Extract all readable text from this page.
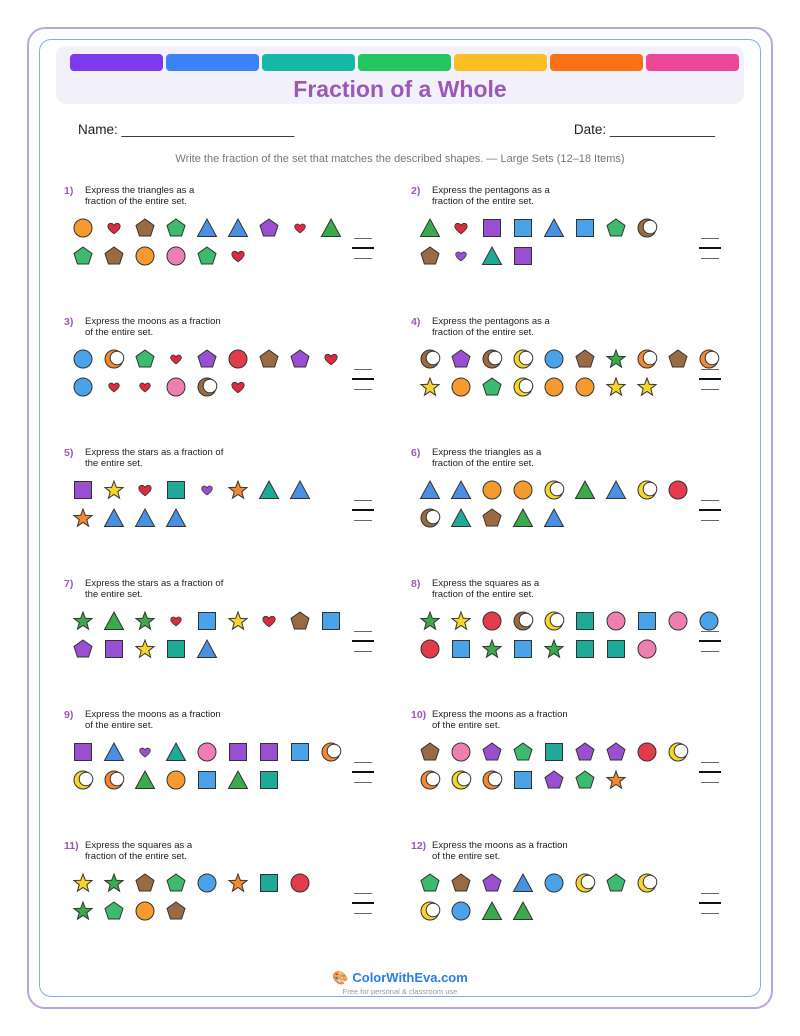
Fraction of a Whole
Name: _______________________	Date: ______________
Write the fraction of the set that matches the described shapes. — Large Sets (12–18 Items)
1) Express the triangles as a fraction of the entire set.
2) Express the pentagons as a fraction of the entire set.
3) Express the moons as a fraction of the entire set.
4) Express the pentagons as a fraction of the entire set.
5) Express the stars as a fraction of the entire set.
6) Express the triangles as a fraction of the entire set.
7) Express the stars as a fraction of the entire set.
8) Express the squares as a fraction of the entire set.
9) Express the moons as a fraction of the entire set.
10) Express the moons as a fraction of the entire set.
11) Express the squares as a fraction of the entire set.
12) Express the moons as a fraction of the entire set.
🎨 ColorWithEva.com
Free for personal & classroom use
